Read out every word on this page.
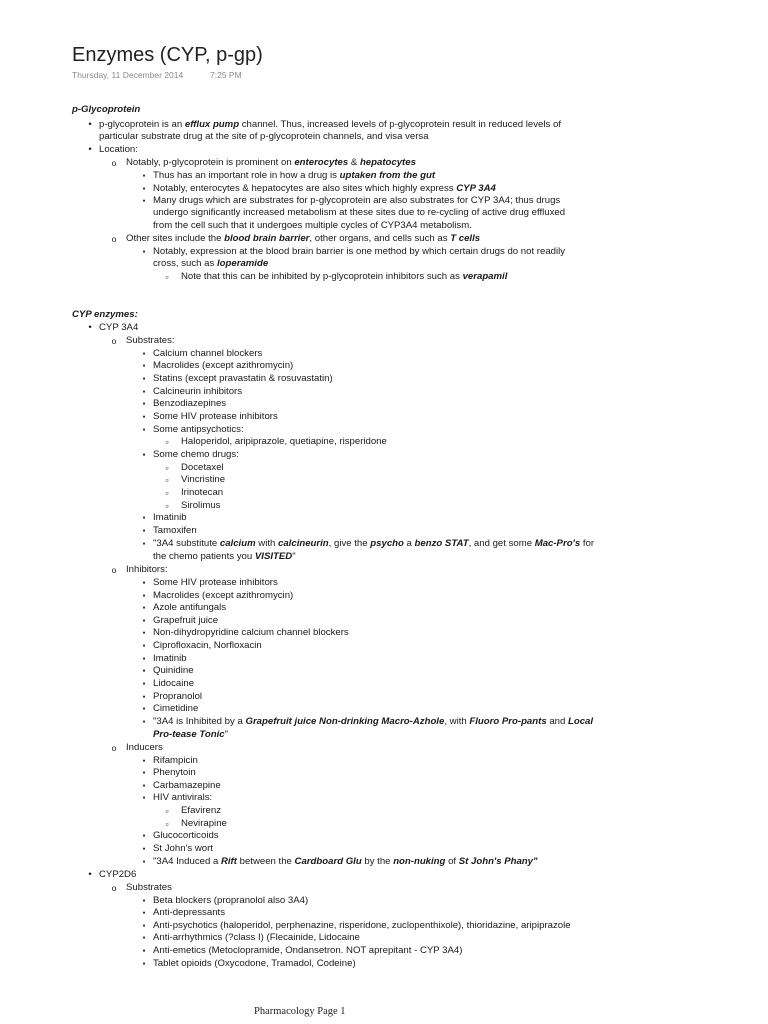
Enzymes (CYP, p-gp)
Thursday, 11 December 2014	7:25 PM
p-Glycoprotein
• p-glycoprotein is an efflux pump channel. Thus, increased levels of p-glycoprotein result in reduced levels of
particular substrate drug at the site of p-glycoprotein channels, and visa versa
• Location:
o Notably, p-glycoprotein is prominent on enterocytes & hepatocytes
▪ Thus has an important role in how a drug is uptaken from the gut
▪ Notably, enterocytes & hepatocytes are also sites which highly express CYP 3A4
▪ Many drugs which are substrates for p-glycoprotein are also substrates for CYP 3A4; thus drugs
undergo significantly increased metabolism at these sites due to re-cycling of active drug effluxed
from the cell such that it undergoes multiple cycles of CYP3A4 metabolism.
o Other sites include the blood brain barrier, other organs, and cells such as T cells
▪ Notably, expression at the blood brain barrier is one method by which certain drugs do not readily
cross, such as loperamide
▫	Note that this can be inhibited by p-glycoprotein inhibitors such as verapamil
CYP enzymes:
• CYP 3A4
o Substrates:
▪ Calcium channel blockers
▪ Macrolides (except azithromycin)
▪ Statins (except pravastatin & rosuvastatin)
▪ Calcineurin inhibitors
▪ Benzodiazepines
▪ Some HIV protease inhibitors
▪ Some antipsychotics:
▫	Haloperidol, aripiprazole, quetiapine, risperidone
▪ Some chemo drugs:
▫	Docetaxel
▫	Vincristine
▫	Irinotecan
▫	Sirolimus
▪ Imatinib
▪ Tamoxifen
▪ "3A4 substitute calcium with calcineurin, give the psycho a benzo STAT, and get some Mac-Pro's for
the chemo patients you VISITED"
o Inhibitors:
▪ Some HIV protease inhibitors
▪ Macrolides (except azithromycin)
▪ Azole antifungals
▪ Grapefruit juice
▪ Non-dihydropyridine calcium channel blockers
▪ Ciprofloxacin, Norfloxacin
▪ Imatinib
▪ Quinidine
▪ Lidocaine
▪ Propranolol
▪ Cimetidine
▪ "3A4 is Inhibited by a Grapefruit juice Non-drinking Macro-Azhole, with Fluoro Pro-pants and Local
Pro-tease Tonic"
o Inducers
▪ Rifampicin
▪ Phenytoin
▪ Carbamazepine
▪ HIV antivirals:
▫	Efavirenz
▫	Nevirapine
▪ Glucocorticoids
▪ St John's wort
▪ "3A4 Induced a Rift between the Cardboard Glu by the non-nuking of St John's Phany"
• CYP2D6
o Substrates
▪ Beta blockers (propranolol also 3A4)
▪ Anti-depressants
▪ Anti-psychotics (haloperidol, perphenazine, risperidone, zuclopenthixole), thioridazine, aripiprazole
▪ Anti-arrhythmics (?class I) (Flecainide, Lidocaine
▪ Anti-emetics (Metoclopramide, Ondansetron. NOT aprepitant - CYP 3A4)
▪ Tablet opioids (Oxycodone, Tramadol, Codeine)
Pharmacology Page 1
